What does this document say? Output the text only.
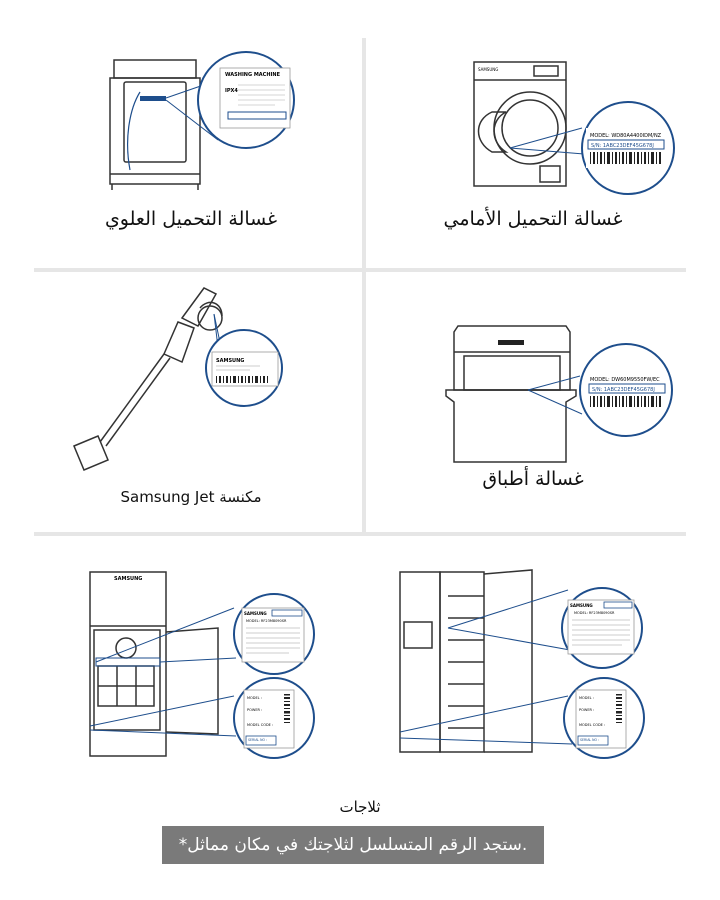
WASHING MACHINE
IPX4
غسالة التحميل العلوي
SAMSUNG
MODEL: WD80A4400IDM/NZ
S/N: 1ABC23DEF45G678J
غسالة التحميل الأمامي
SAMSUNG
مكنسة Samsung Jet
MODEL: DW60M9550FW/EC
S/N: 1ABC23DEF45G678J
غسالة أطباق
SAMSUNG
SAMSUNG
MODEL: RF23M8090SR
MODEL :
POWER :
MODEL CODE :
SERIAL NO :
SAMSUNG
MODEL: RF23M8090SR
MODEL :
POWER :
MODEL CODE :
SERIAL NO :
ثلاجات
.ستجد الرقم المتسلسل لثلاجتك في مكان مماثل*
